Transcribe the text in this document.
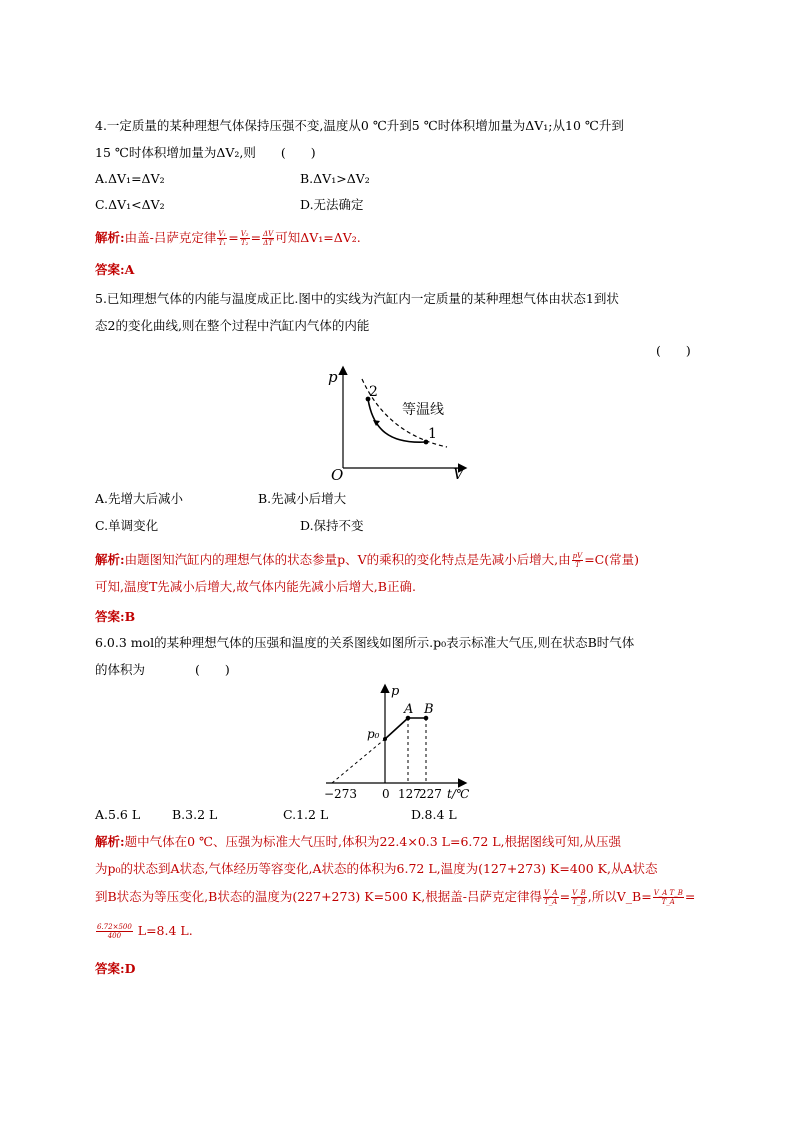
4.一定质量的某种理想气体保持压强不变,温度从0 ℃升到5 ℃时体积增加量为ΔV₁;从10 ℃升到
15 ℃时体积增加量为ΔV₂,则　　(　　)
A.ΔV₁=ΔV₂	B.ΔV₁>ΔV₂
C.ΔV₁<ΔV₂	D.无法确定
解析:由盖-吕萨克定律 $\frac{\text{V₁}}{\text{T₁}} = \frac{\text{V₂}}{\text{T₂}} = \frac{\Delta V}{\Delta T}$ 可知ΔV₁=ΔV₂.
答案:A
5.已知理想气体的内能与温度成正比.图中的实线为汽缸内一定质量的某种理想气体由状态1到状
态2的变化曲线,则在整个过程中汽缸内气体的内能
(　　)
p
V
O
2
1
等温线
A.先增大后减小	B.先减小后增大
C.单调变化	D.保持不变
解析:由题图知汽缸内的理想气体的状态参量p、V的乘积的变化特点是先减小后增大,由 $\frac{pV}{T} =C$(常量)
可知,温度T先减小后增大,故气体内能先减小后增大,B正确.
答案:B
6.0.3 mol的某种理想气体的压强和温度的关系图线如图所示.p₀表示标准大气压,则在状态B时气体
的体积为　　　　(　　)
p
t/℃
A B
p₀
−273 0 127
227
A.5.6 L	B.3.2 L	C.1.2 L	D.8.4 L
解析:题中气体在0 ℃、压强为标准大气压时,体积为22.4×0.3 L=6.72 L,根据图线可知,从压强
为p₀的状态到A状态,气体经历等容变化,A状态的体积为6.72 L,温度为(127+273) K=400 K,从A状态
到B状态为等压变化,B状态的温度为(227+273) K=500 K,根据盖-吕萨克定律得 $\frac{V\_A}{T\_A} = \frac{V\_B}{T\_B}$ ,所以V_B= $\frac{\text{V\_A T\_B}}{T\_A}$ =
$\frac{6.72\times 500}{400} L=8.4$ L.
答案:D
